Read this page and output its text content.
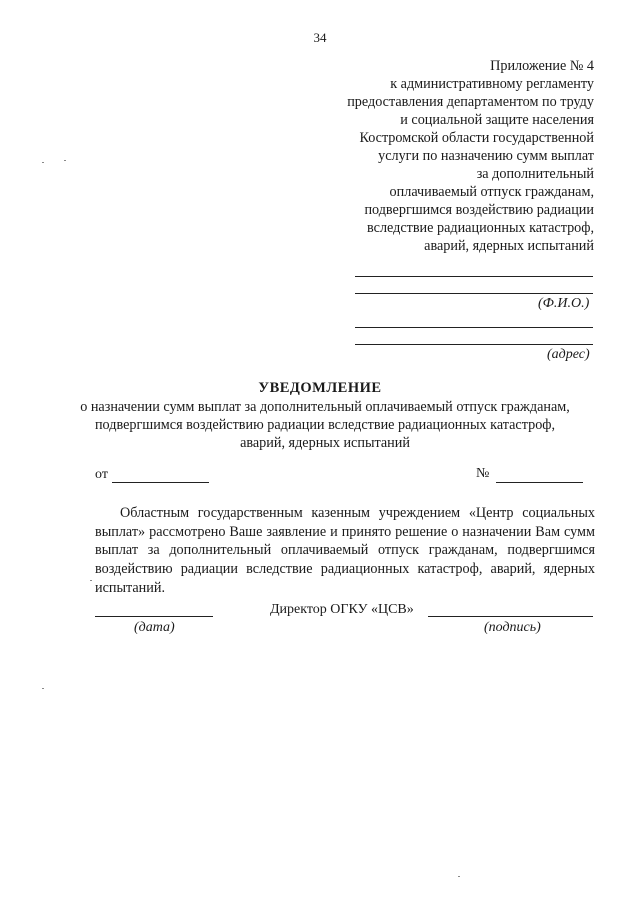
34
Приложение № 4
к административному регламенту
предоставления департаментом по труду
и социальной защите населения
Костромской области государственной
услуги по назначению сумм выплат
за дополнительный
оплачиваемый отпуск гражданам,
подвергшимся воздействию радиации
вследствие радиационных катастроф,
аварий, ядерных испытаний
(Ф.И.О.)
(адрес)
УВЕДОМЛЕНИЕ
о назначении сумм выплат за дополнительный оплачиваемый отпуск гражданам, подвергшимся воздействию радиации вследствие радиационных катастроф, аварий, ядерных испытаний
от	№
Областным государственным казенным учреждением «Центр социальных выплат» рассмотрено Ваше заявление и принято решение о назначении Вам сумм выплат за дополнительный оплачиваемый отпуск гражданам, подвергшимся воздействию радиации вследствие радиационных катастроф, аварий, ядерных испытаний.
Директор ОГКУ «ЦСВ»
(дата)	(подпись)
